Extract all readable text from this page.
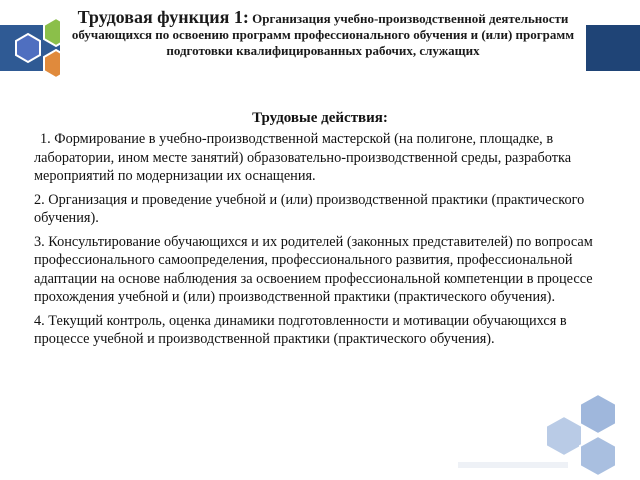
Трудовая функция 1: Организация учебно-производственной деятельности обучающихся по освоению программ профессионального обучения и (или) программ подготовки квалифицированных рабочих, служащих
Трудовые действия:

1. Формирование в учебно-производственной мастерской (на полигоне, площадке, в лаборатории, ином месте занятий) образовательно-производственной среды, разработка мероприятий по модернизации их оснащения.

2. Организация и проведение учебной и (или) производственной практики (практического обучения).

3. Консультирование обучающихся и их родителей (законных представителей) по вопросам профессионального самоопределения, профессионального развития, профессиональной адаптации на основе наблюдения за освоением профессиональной компетенции в процессе прохождения учебной и (или) производственной практики (практического обучения).

4. Текущий контроль, оценка динамики подготовленности и мотивации обучающихся в процессе учебной и производственной практики (практического обучения).
